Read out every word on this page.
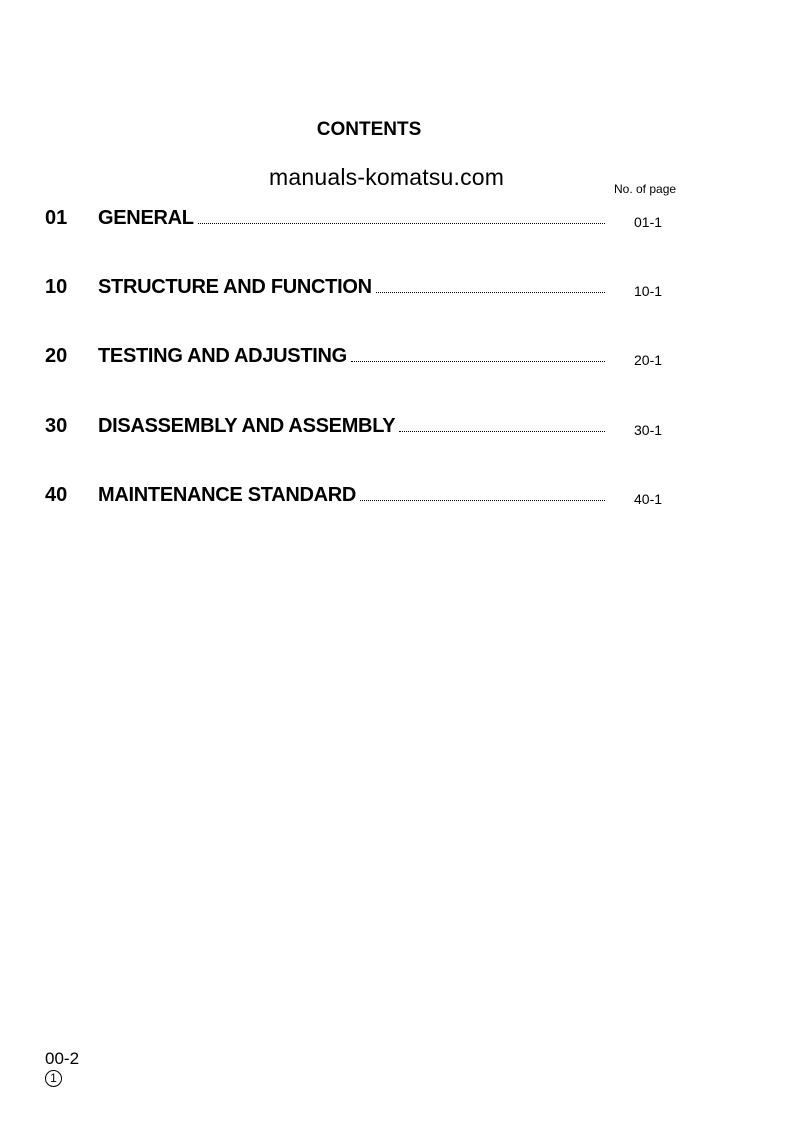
CONTENTS
manuals-komatsu.com	No. of page
01 GENERAL	01-1
10 STRUCTURE AND FUNCTION	10-1
20 TESTING AND ADJUSTING	20-1
30 DISASSEMBLY AND ASSEMBLY	30-1
40 MAINTENANCE STANDARD	40-1
00-2
1
